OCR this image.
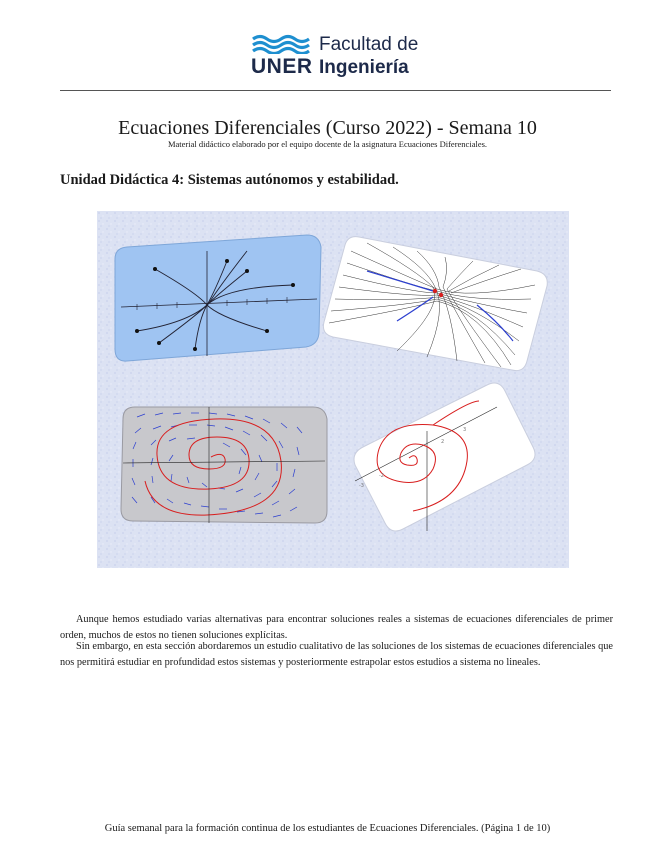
UNER
Facultad de
Ingeniería
Ecuaciones Diferenciales (Curso 2022) - Semana 10
Material didáctico elaborado por el equipo docente de la asignatura Ecuaciones Diferenciales.
Unidad Didáctica 4: Sistemas autónomos y estabilidad.
-3
-2
2
3

Aunque hemos estudiado varias alternativas para encontrar soluciones reales a sistemas de ecuaciones diferenciales de primer orden, muchos de estos no tienen soluciones explícitas.

Sin embargo, en esta sección abordaremos un estudio cualitativo de las soluciones de los sistemas de ecuaciones diferenciales que nos permitirá estudiar en profundidad estos sistemas y posteriormente estrapolar estos estudios a sistema no lineales.

Guía semanal para la formación continua de los estudiantes de Ecuaciones Diferenciales. (Página 1 de 10)
